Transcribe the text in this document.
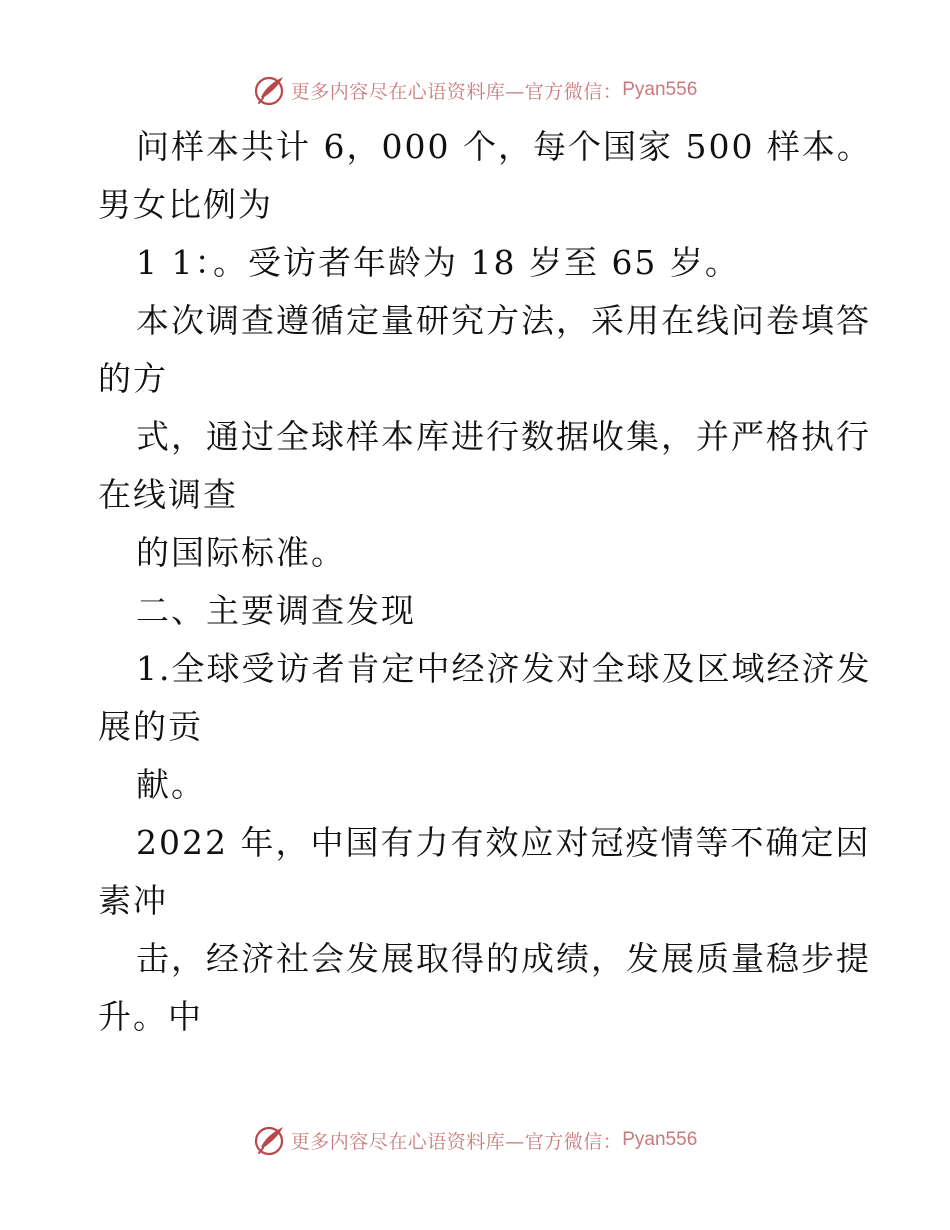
更多内容尽在心语资料库—官方微信： Pyan556
问样本共计 6，000 个，每个国家 500 样本。
男女比例为
1 1：。受访者年龄为 18 岁至 65 岁。
本次调查遵循定量研究方法，采用在线问卷填答
的方
式，通过全球样本库进行数据收集，并严格执行
在线调查
的国际标准。
二、主要调查发现
1.全球受访者肯定中经济发对全球及区域经济发
展的贡
献。
2022 年，中国有力有效应对冠疫情等不确定因
素冲
击，经济社会发展取得的成绩，发展质量稳步提
升。中
更多内容尽在心语资料库—官方微信： Pyan556
